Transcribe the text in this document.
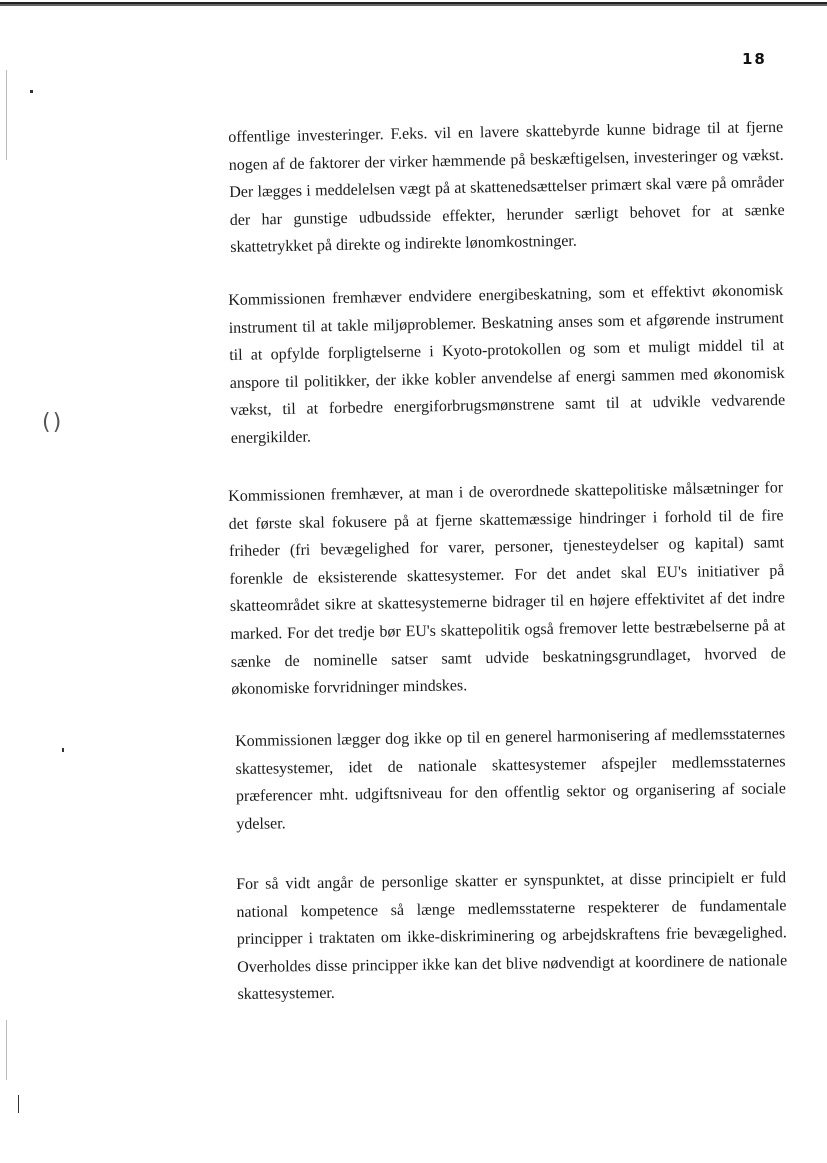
( )
18

offentlige investeringer. F.eks. vil en lavere skattebyrde kunne bidrage til at fjerne nogen af de faktorer der virker hæmmende på beskæftigelsen, investeringer og vækst. Der lægges i meddelelsen vægt på at skattenedsættelser primært skal være på områder der har gunstige udbudsside effekter, herunder særligt behovet for at sænke skattetrykket på direkte og indirekte lønomkostninger.

Kommissionen fremhæver endvidere energibeskatning, som et effektivt økonomisk instrument til at takle miljøproblemer. Beskatning anses som et afgørende instrument til at opfylde forpligtelserne i Kyoto-protokollen og som et muligt middel til at anspore til politikker, der ikke kobler anvendelse af energi sammen med økonomisk vækst, til at forbedre energiforbrugsmønstrene samt til at udvikle vedvarende energikilder.

Kommissionen fremhæver, at man i de overordnede skattepolitiske målsætninger for det første skal fokusere på at fjerne skattemæssige hindringer i forhold til de fire friheder (fri bevægelighed for varer, personer, tjenesteydelser og kapital) samt forenkle de eksisterende skattesystemer. For det andet skal EU's initiativer på skatteområdet sikre at skattesystemerne bidrager til en højere effektivitet af det indre marked. For det tredje bør EU's skattepolitik også fremover lette bestræbelserne på at sænke de nominelle satser samt udvide beskatningsgrundlaget, hvorved de økonomiske forvridninger mindskes.

Kommissionen lægger dog ikke op til en generel harmonisering af medlemsstaternes skattesystemer, idet de nationale skattesystemer afspejler medlemsstaternes præferencer mht. udgiftsniveau for den offentlig sektor og organisering af sociale ydelser.

For så vidt angår de personlige skatter er synspunktet, at disse principielt er fuld national kompetence så længe medlemsstaterne respekterer de fundamentale principper i traktaten om ikke-diskriminering og arbejdskraftens frie bevægelighed. Overholdes disse principper ikke kan det blive nødvendigt at koordinere de nationale skattesystemer.
